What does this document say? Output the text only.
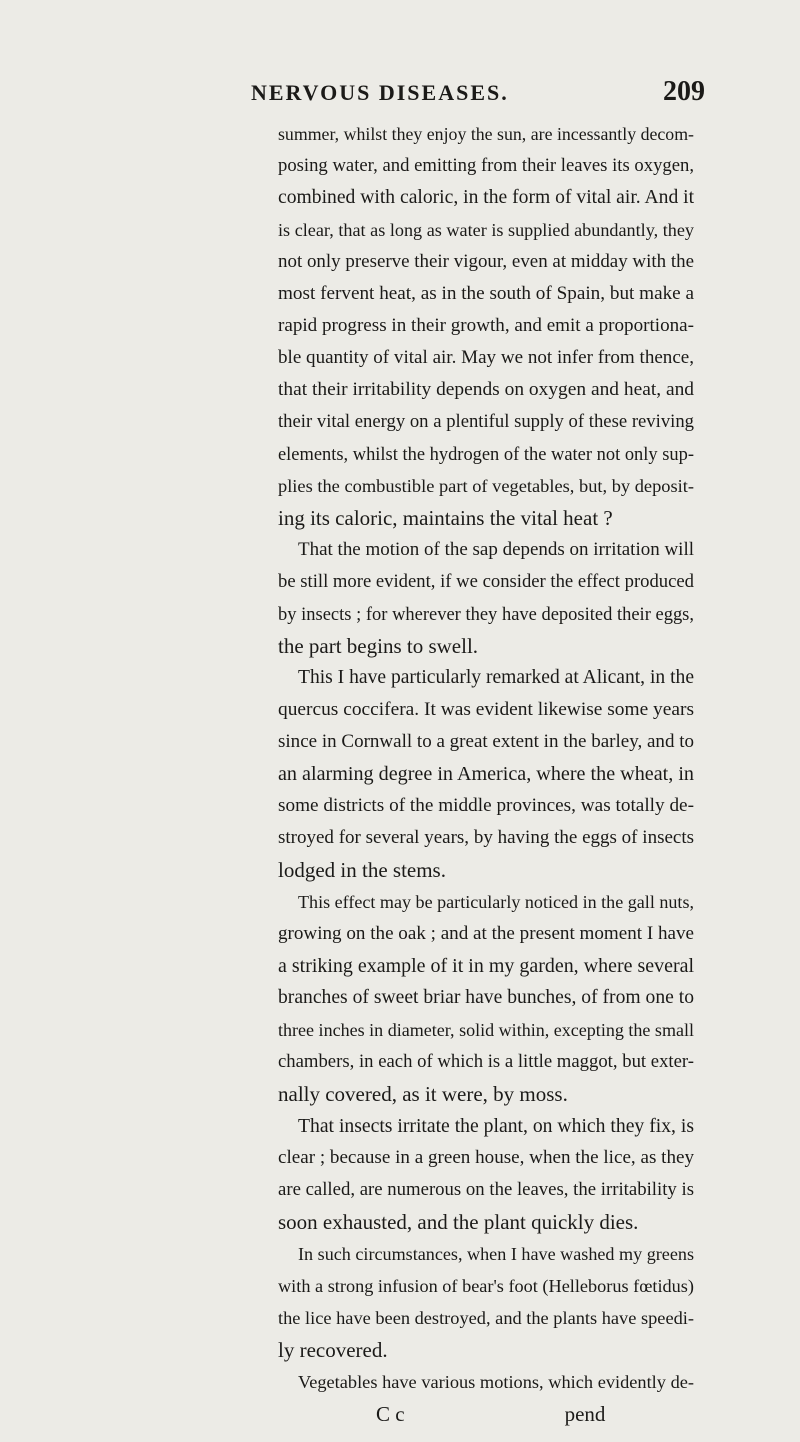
NERVOUS DISEASES.	209
summer, whilst they enjoy the sun, are incessantly decom-
posing water, and emitting from their leaves its oxygen,
combined with caloric, in the form of vital air. And it
is clear, that as long as water is supplied abundantly, they
not only preserve their vigour, even at midday with the
most fervent heat, as in the south of Spain, but make a
rapid progress in their growth, and emit a proportiona-
ble quantity of vital air. May we not infer from thence,
that their irritability depends on oxygen and heat, and
their vital energy on a plentiful supply of these reviving
elements, whilst the hydrogen of the water not only sup-
plies the combustible part of vegetables, but, by deposit-
ing its caloric, maintains the vital heat ?
That the motion of the sap depends on irritation will
be still more evident, if we consider the effect produced
by insects ; for wherever they have deposited their eggs,
the part begins to swell.
This I have particularly remarked at Alicant, in the
quercus coccifera. It was evident likewise some years
since in Cornwall to a great extent in the barley, and to
an alarming degree in America, where the wheat, in
some districts of the middle provinces, was totally de-
stroyed for several years, by having the eggs of insects
lodged in the stems.
This effect may be particularly noticed in the gall nuts,
growing on the oak ; and at the present moment I have
a striking example of it in my garden, where several
branches of sweet briar have bunches, of from one to
three inches in diameter, solid within, excepting the small
chambers, in each of which is a little maggot, but exter-
nally covered, as it were, by moss.
That insects irritate the plant, on which they fix, is
clear ; because in a green house, when the lice, as they
are called, are numerous on the leaves, the irritability is
soon exhausted, and the plant quickly dies.
In such circumstances, when I have washed my greens
with a strong infusion of bear's foot (Helleborus fœtidus)
the lice have been destroyed, and the plants have speedi-
ly recovered.
Vegetables have various motions, which evidently de-
C c	pend
